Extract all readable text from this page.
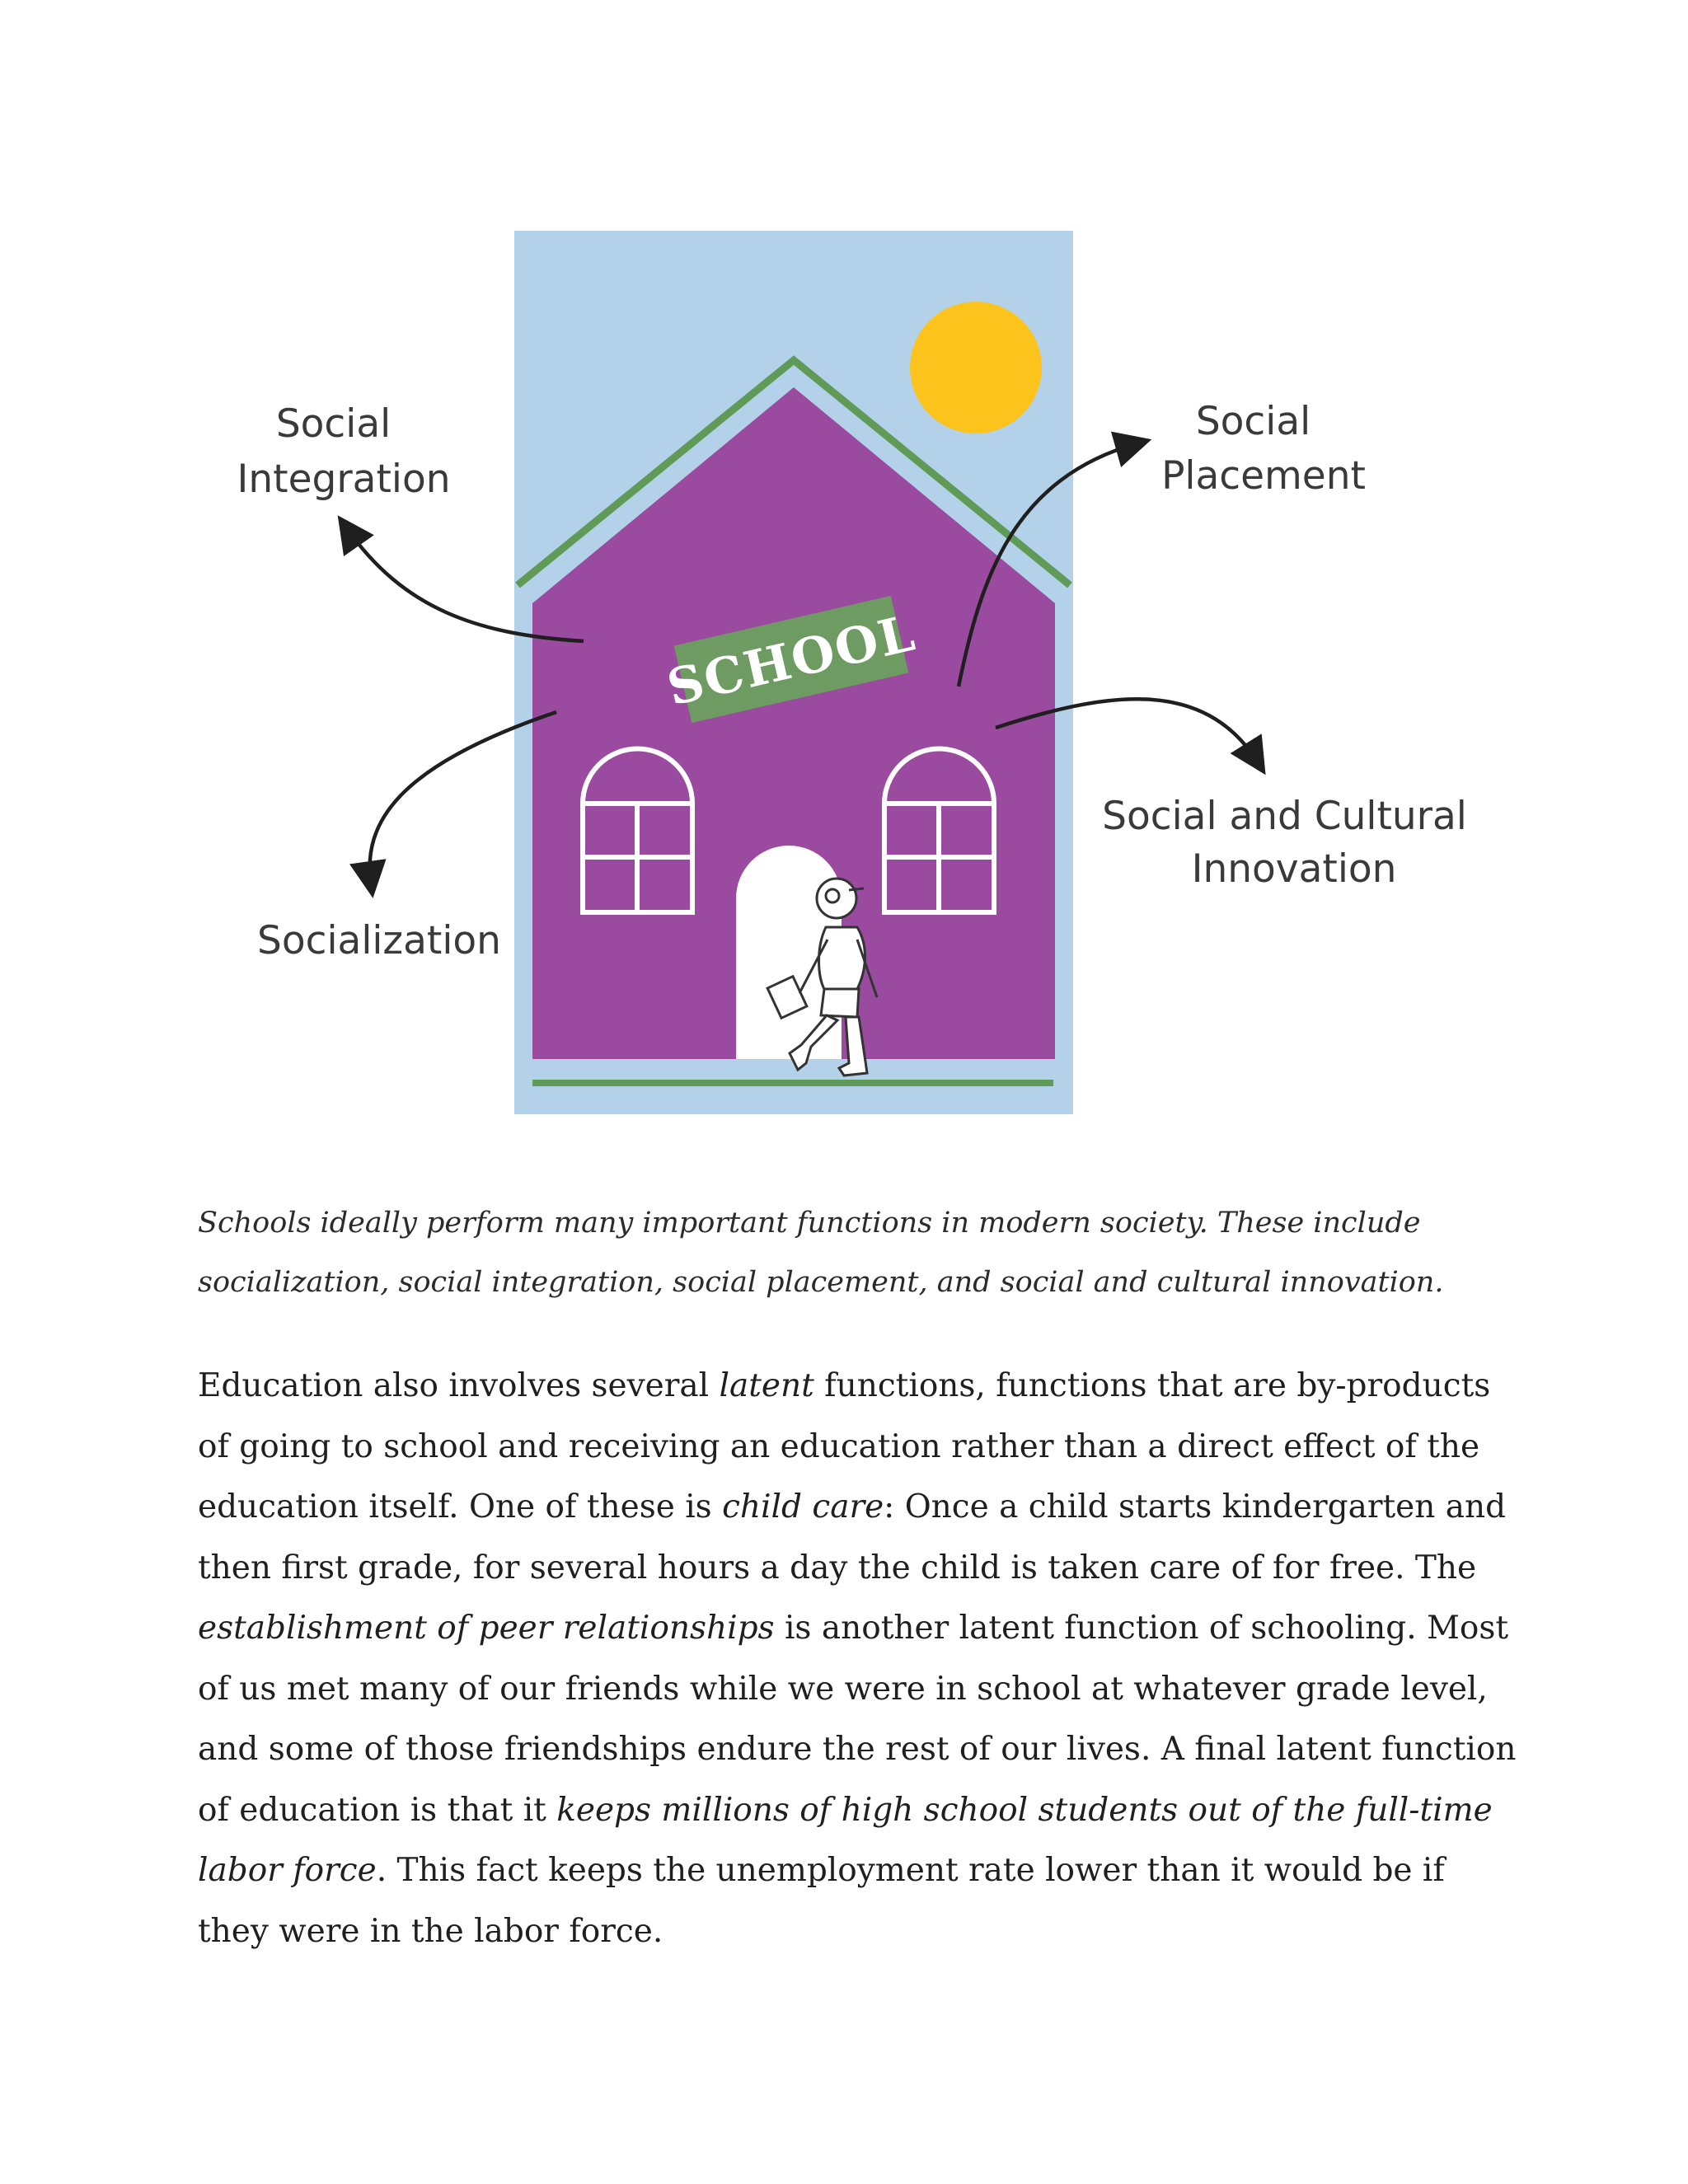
SCHOOL
Social Integration
Social Placement
Socialization
Social and Cultural Innovation

Schools ideally perform many important functions in modern society. These include socialization, social integration, social placement, and social and cultural innovation.

Education also involves several latent functions, functions that are by-products of going to school and receiving an education rather than a direct effect of the education itself. One of these is child care: Once a child starts kindergarten and then first grade, for several hours a day the child is taken care of for free. The establishment of peer relationships is another latent function of schooling. Most of us met many of our friends while we were in school at whatever grade level, and some of those friendships endure the rest of our lives. A final latent function of education is that it keeps millions of high school students out of the full-time labor force. This fact keeps the unemployment rate lower than it would be if they were in the labor force.
